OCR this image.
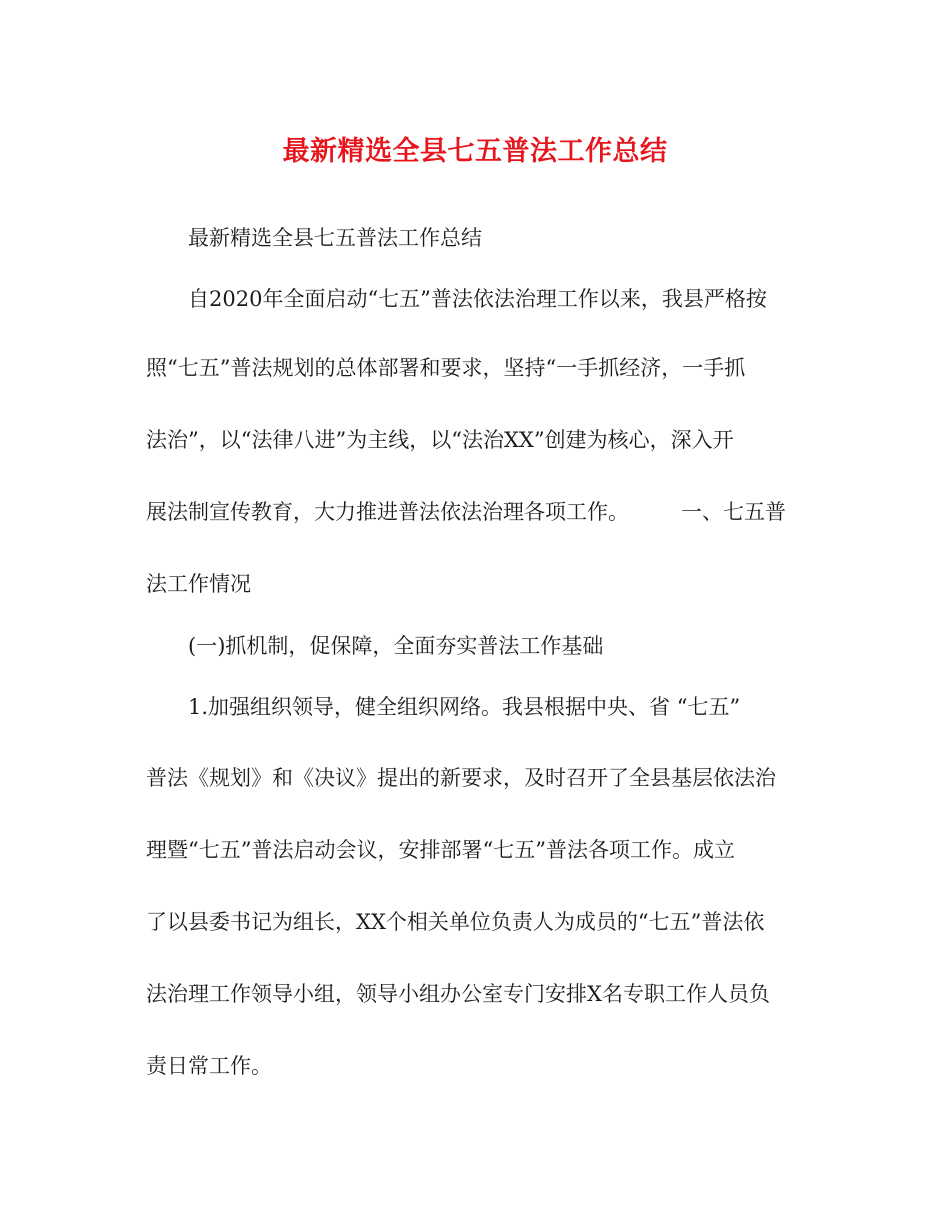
最新精选全县七五普法工作总结
最新精选全县七五普法工作总结
自2020年全面启动“七五”普法依法治理工作以来，我县严格按
照“七五”普法规划的总体部署和要求，坚持“一手抓经济，一手抓
法治”，以“法律八进”为主线，以“法治XX”创建为核心，深入开
展法制宣传教育，大力推进普法依法治理各项工作。 一、七五普
法工作情况
(一)抓机制，促保障，全面夯实普法工作基础
1.加强组织领导，健全组织网络。我县根据中央、省 “七五”
普法《规划》和《决议》提出的新要求，及时召开了全县基层依法治
理暨“七五”普法启动会议，安排部署“七五”普法各项工作。成立
了以县委书记为组长，XX个相关单位负责人为成员的“七五”普法依
法治理工作领导小组，领导小组办公室专门安排X名专职工作人员负
责日常工作。
